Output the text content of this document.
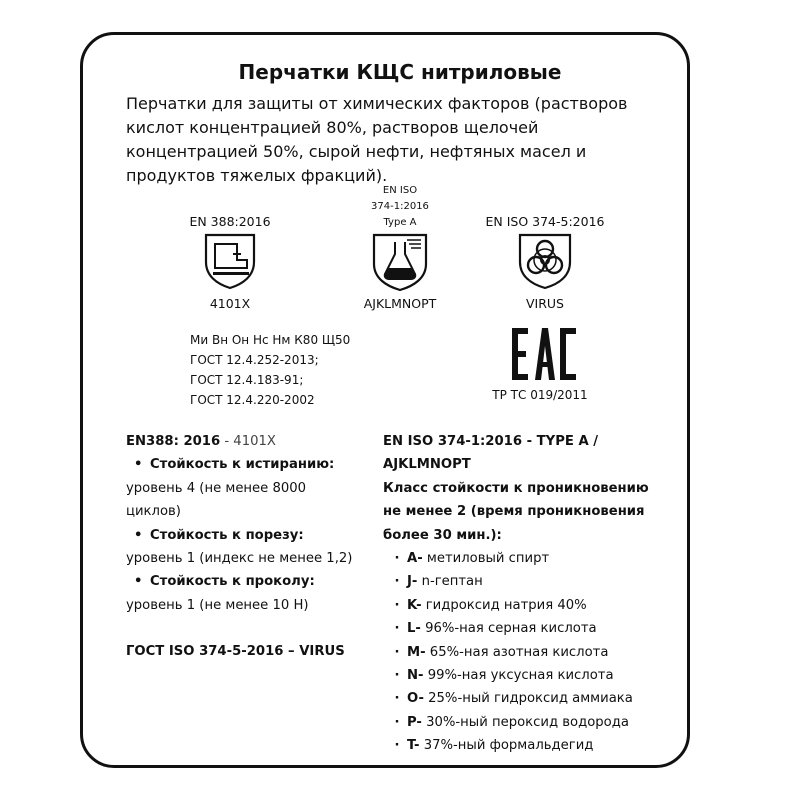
Перчатки КЩС нитриловые
Перчатки для защиты от химических факторов (растворов кислот концентрацией 80%, растворов щелочей концентрацией 50%, сырой нефти, нефтяных масел и продуктов тяжелых фракций).
EN 388:2016
4101X
EN ISO
374-1:2016
Type A
AJKLMNOPT
EN ISO 374-5:2016
VIRUS
Ми Вн Он Нс Нм К80 Щ50
ГОСТ 12.4.252-2013;
ГОСТ 12.4.183-91;
ГОСТ 12.4.220-2002	ТР ТС 019/2011
EN388: 2016 - 4101X
• Стойкость к истиранию:
уровень 4 (не менее 8000
циклов)
• Стойкость к порезу:
уровень 1 (индекс не менее 1,2)
• Стойкость к проколу:
уровень 1 (не менее 10 Н)
ГОСТ ISO 374-5-2016 – VIRUS
EN ISO 374-1:2016 - TYPE A /
AJKLMNOPT
Класс стойкости к проникновению
не менее 2 (время проникновения
более 30 мин.):
· A- метиловый спирт
· J- n-гептан
· K- гидроксид натрия 40%
· L- 96%-ная серная кислота
· M- 65%-ная азотная кислота
· N- 99%-ная уксусная кислота
· O- 25%-ный гидроксид аммиака
· P- 30%-ный пероксид водорода
· T- 37%-ный формальдегид
